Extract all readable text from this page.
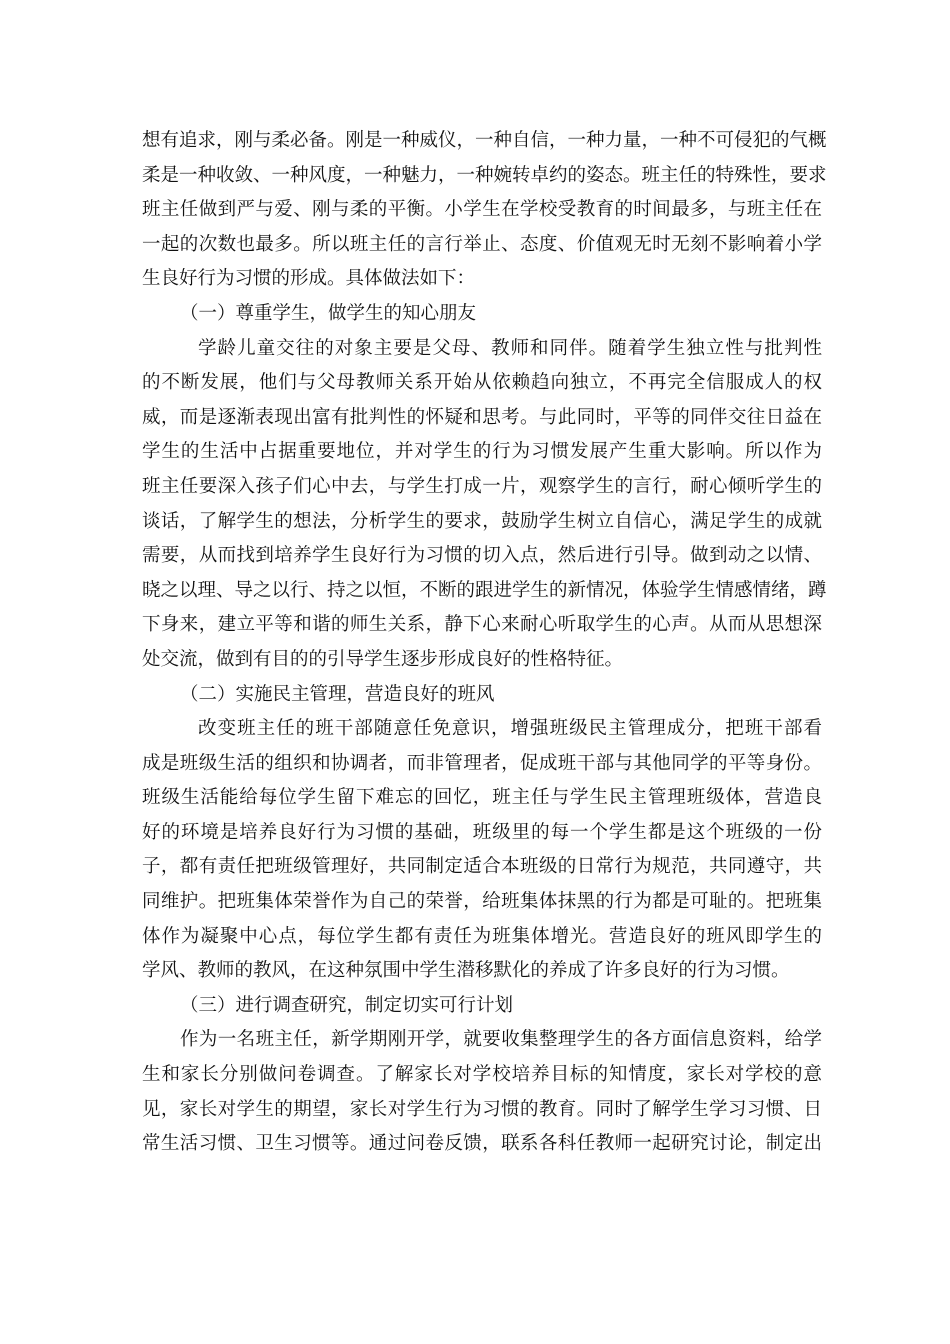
想有追求，刚与柔必备。刚是一种威仪，一种自信，一种力量，一种不可侵犯的气概
柔是一种收敛、一种风度，一种魅力，一种婉转卓约的姿态。班主任的特殊性，要求
班主任做到严与爱、刚与柔的平衡。小学生在学校受教育的时间最多，与班主任在
一起的次数也最多。所以班主任的言行举止、态度、价值观无时无刻不影响着小学
生良好行为习惯的形成。具体做法如下：
（一）尊重学生，做学生的知心朋友
学龄儿童交往的对象主要是父母、教师和同伴。随着学生独立性与批判性
的不断发展，他们与父母教师关系开始从依赖趋向独立，不再完全信服成人的权
威，而是逐渐表现出富有批判性的怀疑和思考。与此同时，平等的同伴交往日益在
学生的生活中占据重要地位，并对学生的行为习惯发展产生重大影响。所以作为
班主任要深入孩子们心中去，与学生打成一片，观察学生的言行，耐心倾听学生的
谈话，了解学生的想法，分析学生的要求，鼓励学生树立自信心，满足学生的成就
需要，从而找到培养学生良好行为习惯的切入点，然后进行引导。做到动之以情、
晓之以理、导之以行、持之以恒，不断的跟进学生的新情况，体验学生情感情绪，蹲
下身来，建立平等和谐的师生关系，静下心来耐心听取学生的心声。从而从思想深
处交流，做到有目的的引导学生逐步形成良好的性格特征。
（二）实施民主管理，营造良好的班风
改变班主任的班干部随意任免意识，增强班级民主管理成分，把班干部看
成是班级生活的组织和协调者，而非管理者，促成班干部与其他同学的平等身份。
班级生活能给每位学生留下难忘的回忆，班主任与学生民主管理班级体，营造良
好的环境是培养良好行为习惯的基础，班级里的每一个学生都是这个班级的一份
子，都有责任把班级管理好，共同制定适合本班级的日常行为规范，共同遵守，共
同维护。把班集体荣誉作为自己的荣誉，给班集体抹黑的行为都是可耻的。把班集
体作为凝聚中心点，每位学生都有责任为班集体增光。营造良好的班风即学生的
学风、教师的教风，在这种氛围中学生潜移默化的养成了许多良好的行为习惯。
（三）进行调查研究，制定切实可行计划
作为一名班主任，新学期刚开学，就要收集整理学生的各方面信息资料，给学
生和家长分别做问卷调查。了解家长对学校培养目标的知情度，家长对学校的意
见，家长对学生的期望，家长对学生行为习惯的教育。同时了解学生学习习惯、日
常生活习惯、卫生习惯等。通过问卷反馈，联系各科任教师一起研究讨论，制定出
